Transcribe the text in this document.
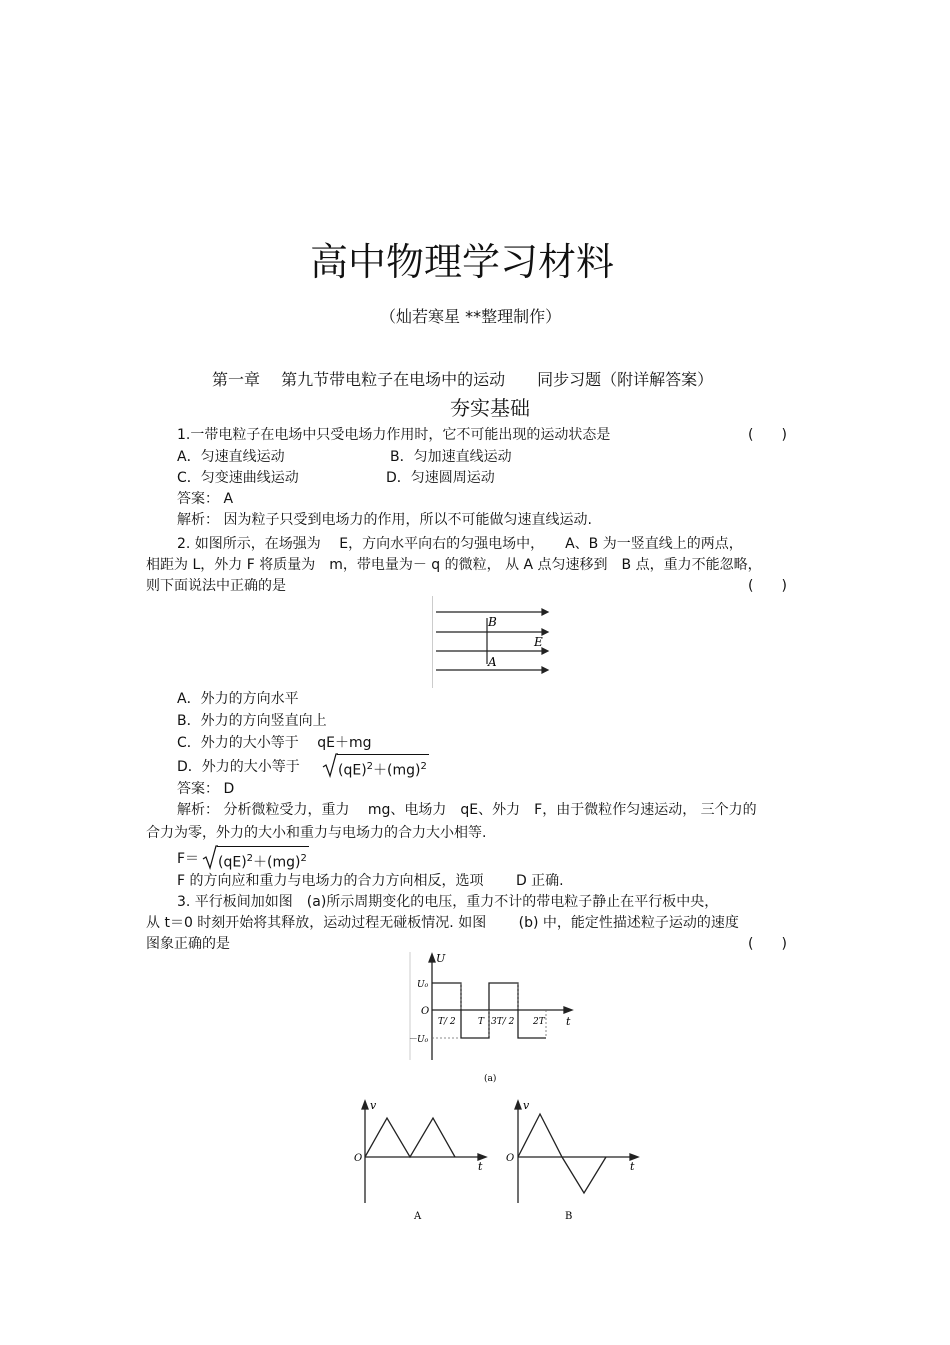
高中物理学习材料
（灿若寒星 **整理制作）
第一章　 第九节带电粒子在电场中的运动　　同步习题（附详解答案）
夯实基础
1.一带电粒子在电场中只受电场力作用时，它不可能出现的运动状态是	(　　)
A．匀速直线运动	B．匀加速直线运动
C．匀变速曲线运动	D．匀速圆周运动
答案： A
解析： 因为粒子只受到电场力的作用，所以不可能做匀速直线运动.
2. 如图所示，在场强为　 E，方向水平向右的匀强电场中，　　A、B 为一竖直线上的两点，
相距为 L，外力 F 将质量为　m，带电量为－ q 的微粒， 从 A 点匀速移到　B 点，重力不能忽略，
则下面说法中正确的是	(　　)
B
A
E
A．外力的方向水平
B．外力的方向竖直向上
C．外力的大小等于　 qE＋mg
D．外力的大小等于	(qE)$^2$＋(mg)$^2$
答案： D
解析： 分析微粒受力，重力　 mg、电场力　qE、外力　F，由于微粒作匀速运动， 三个力的
合力为零，外力的大小和重力与电场力的合力大小相等.
F＝ (qE)$^2$＋(mg)$^2$
F 的方向应和重力与电场力的合力方向相反，选项　　 D 正确.
3. 平行板间加如图　(a)所示周期变化的电压，重力不计的带电粒子静止在平行板中央，
从 t＝0 时刻开始将其释放，运动过程无碰板情况. 如图　　 (b) 中，能定性描述粒子运动的速度
图象正确的是	(　　)
U
t
O
U₀
－U₀
T/ 2 T 3T/ 2 2T
(a)
v
t
O
A
v
t
O
B
